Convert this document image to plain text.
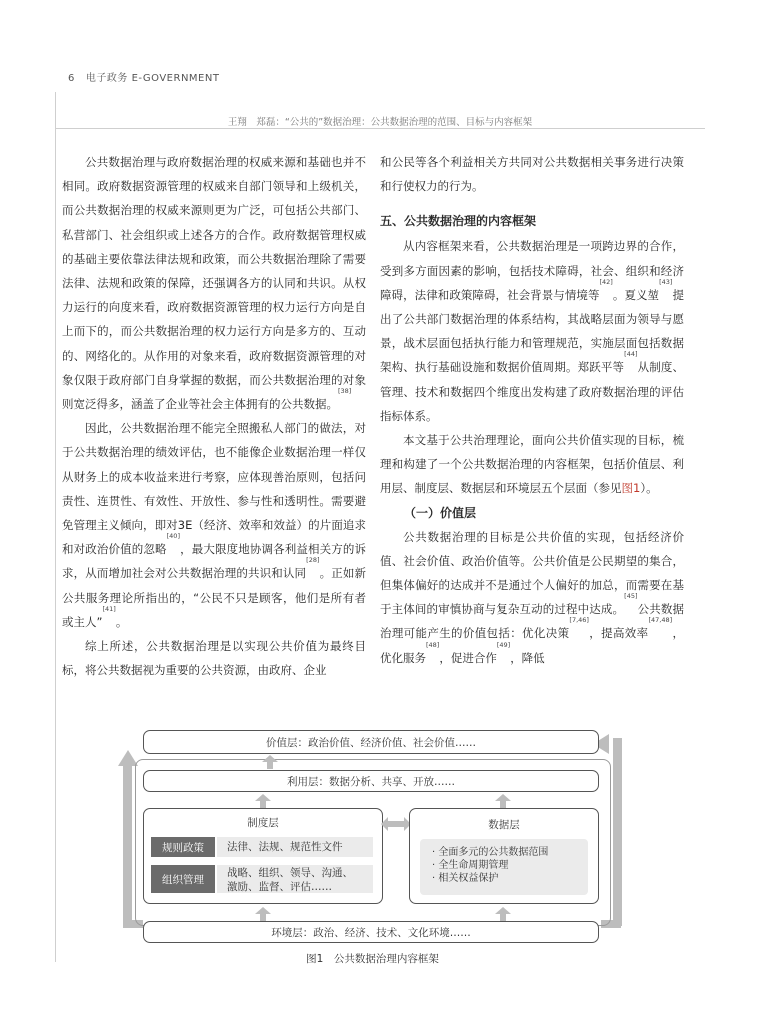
6 电子政务 E-GOVERNMENT
王翔　郑磊：“公共的”数据治理：公共数据治理的范围、目标与内容框架

公共数据治理与政府数据治理的权威来源和基础也并不相同。政府数据资源管理的权威来自部门领导和上级机关，而公共数据治理的权威来源则更为广泛，可包括公共部门、私营部门、社会组织或上述各方的合作。政府数据管理权威的基础主要依靠法律法规和政策，而公共数据治理除了需要法律、法规和政策的保障，还强调各方的认同和共识。从权力运行的向度来看，政府数据资源管理的权力运行方向是自上而下的，而公共数据治理的权力运行方向是多方的、互动的、网络化的。从作用的对象来看，政府数据资源管理的对象仅限于政府部门自身掌握的数据，而公共数据治理的对象则宽泛得多，涵盖了企业等社会主体拥有的公共数据。[38]

因此，公共数据治理不能完全照搬私人部门的做法，对于公共数据治理的绩效评估，也不能像企业数据治理一样仅从财务上的成本收益来进行考察，应体现善治原则，包括问责性、连贯性、有效性、开放性、参与性和透明性。需要避免管理主义倾向，即对3E（经济、效率和效益）的片面追求和对政治价值的忽略[40]，最大限度地协调各利益相关方的诉求，从而增加社会对公共数据治理的共识和认同[28]。正如新公共服务理论所指出的，“公民不只是顾客，他们是所有者或主人”[41]。

综上所述，公共数据治理是以实现公共价值为最终目标，将公共数据视为重要的公共资源，由政府、企业

和公民等各个利益相关方共同对公共数据相关事务进行决策和行使权力的行为。

五、公共数据治理的内容框架

从内容框架来看，公共数据治理是一项跨边界的合作，受到多方面因素的影响，包括技术障碍，社会、组织和经济障碍，法律和政策障碍，社会背景与情境等[42]。夏义堃[43]提出了公共部门数据治理的体系结构，其战略层面为领导与愿景，战术层面包括执行能力和管理规范，实施层面包括数据架构、执行基础设施和数据价值周期。郑跃平等[44]从制度、管理、技术和数据四个维度出发构建了政府数据治理的评估指标体系。

本文基于公共治理理论，面向公共价值实现的目标，梳理和构建了一个公共数据治理的内容框架，包括价值层、利用层、制度层、数据层和环境层五个层面（参见图1）。

（一）价值层

公共数据治理的目标是公共价值的实现，包括经济价值、社会价值、政治价值等。公共价值是公民期望的集合，但集体偏好的达成并不是通过个人偏好的加总，而需要在基于主体间的审慎协商与复杂互动的过程中达成。[45]公共数据治理可能产生的价值包括：优化决策[7,46]，提高效率[47,48]，优化服务[48]，促进合作[49]，降低

价值层：政治价值、经济价值、社会价值……
利用层：数据分析、共享、开放……
制度层
规则政策	法律、法规、规范性文件
组织管理
战略、组织、领导、沟通、
激励、监督、评估……
数据层
· 全面多元的公共数据范围
· 全生命周期管理
· 相关权益保护
环境层：政治、经济、技术、文化环境……
图1　公共数据治理内容框架
